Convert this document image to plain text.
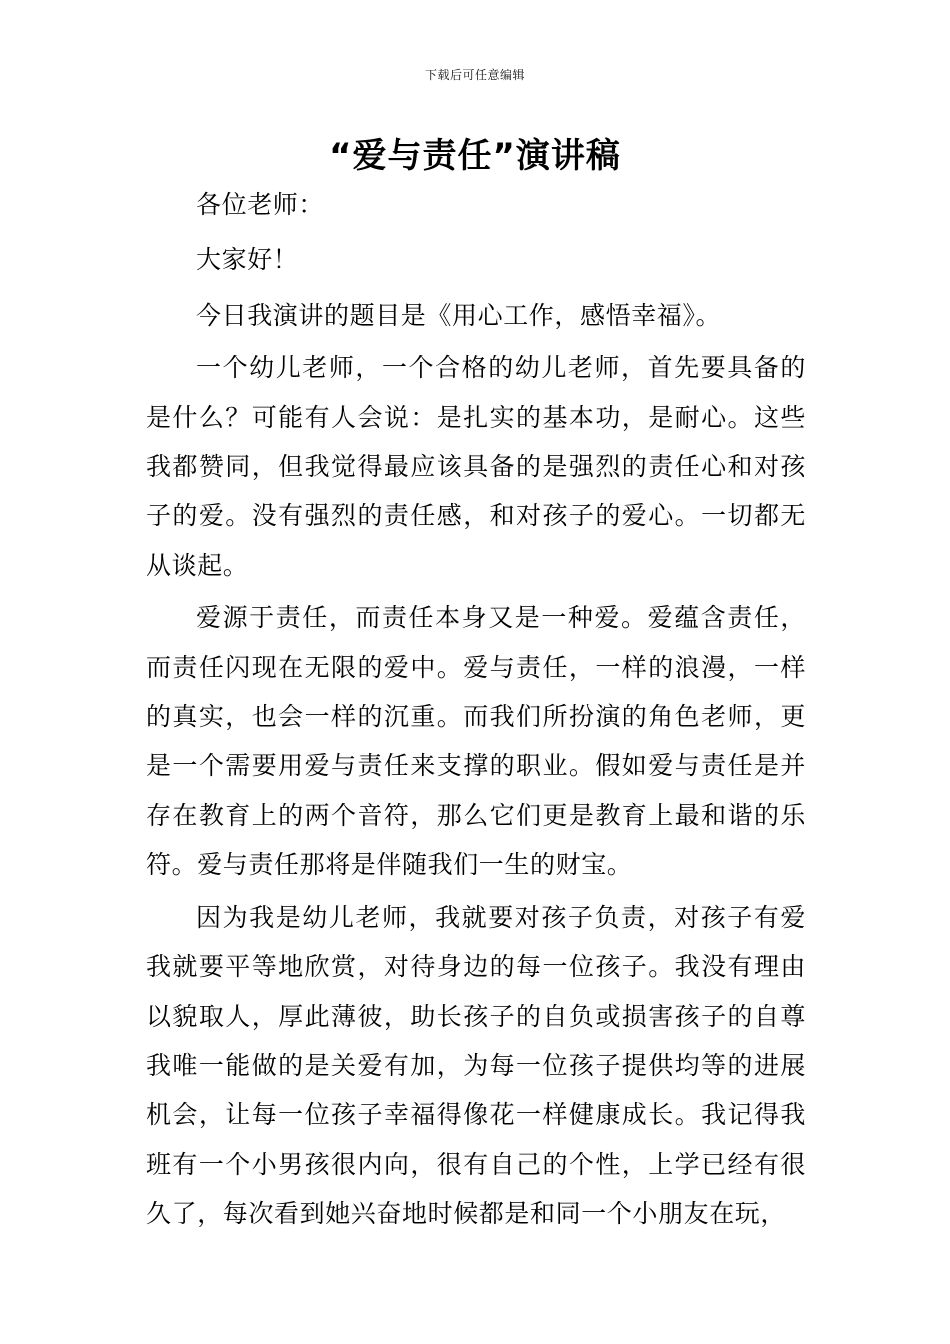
下载后可任意编辑
“爱与责任”演讲稿

各位老师：

大家好！

今日我演讲的题目是《用心工作，感悟幸福》。

一个幼儿老师，一个合格的幼儿老师，首先要具备的是什么？可能有人会说：是扎实的基本功，是耐心。这些我都赞同，但我觉得最应该具备的是强烈的责任心和对孩子的爱。没有强烈的责任感，和对孩子的爱心。一切都无从谈起。

爱源于责任，而责任本身又是一种爱。爱蕴含责任，而责任闪现在无限的爱中。爱与责任，一样的浪漫，一样的真实，也会一样的沉重。而我们所扮演的角色老师，更是一个需要用爱与责任来支撑的职业。假如爱与责任是并存在教育上的两个音符，那么它们更是教育上最和谐的乐符。爱与责任那将是伴随我们一生的财宝。

因为我是幼儿老师，我就要对孩子负责，对孩子有爱我就要平等地欣赏，对待身边的每一位孩子。我没有理由以貌取人，厚此薄彼，助长孩子的自负或损害孩子的自尊我唯一能做的是关爱有加，为每一位孩子提供均等的进展机会，让每一位孩子幸福得像花一样健康成长。我记得我班有一个小男孩很内向，很有自己的个性，上学已经有很久了，每次看到她兴奋地时候都是和同一个小朋友在玩，
